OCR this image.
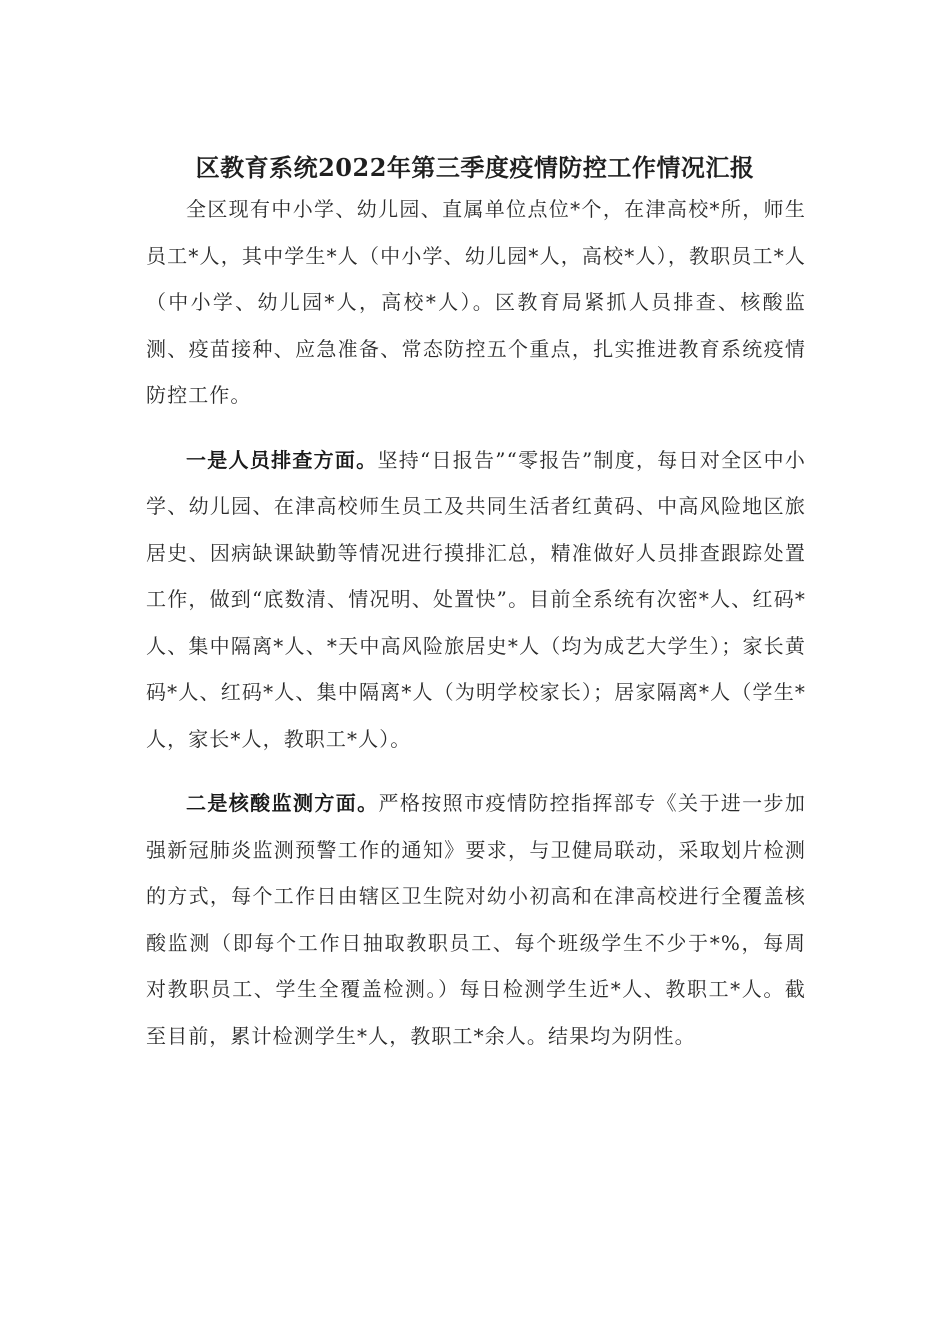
区教育系统2022年第三季度疫情防控工作情况汇报

全区现有中小学、幼儿园、直属单位点位*个，在津高校*所，师生员工*人，其中学生*人（中小学、幼儿园*人，高校*人），教职员工*人（中小学、幼儿园*人，高校*人）。区教育局紧抓人员排查、核酸监测、疫苗接种、应急准备、常态防控五个重点，扎实推进教育系统疫情防控工作。

一是人员排查方面。坚持“日报告”“零报告”制度，每日对全区中小学、幼儿园、在津高校师生员工及共同生活者红黄码、中高风险地区旅居史、因病缺课缺勤等情况进行摸排汇总，精准做好人员排查跟踪处置工作，做到“底数清、情况明、处置快”。目前全系统有次密*人、红码*人、集中隔离*人、*天中高风险旅居史*人（均为成艺大学生）；家长黄码*人、红码*人、集中隔离*人（为明学校家长）；居家隔离*人（学生*人，家长*人，教职工*人）。

二是核酸监测方面。严格按照市疫情防控指挥部专《关于进一步加强新冠肺炎监测预警工作的通知》要求，与卫健局联动，采取划片检测的方式，每个工作日由辖区卫生院对幼小初高和在津高校进行全覆盖核酸监测（即每个工作日抽取教职员工、每个班级学生不少于*%，每周对教职员工、学生全覆盖检测。）每日检测学生近*人、教职工*人。截至目前，累计检测学生*人，教职工*余人。结果均为阴性。
